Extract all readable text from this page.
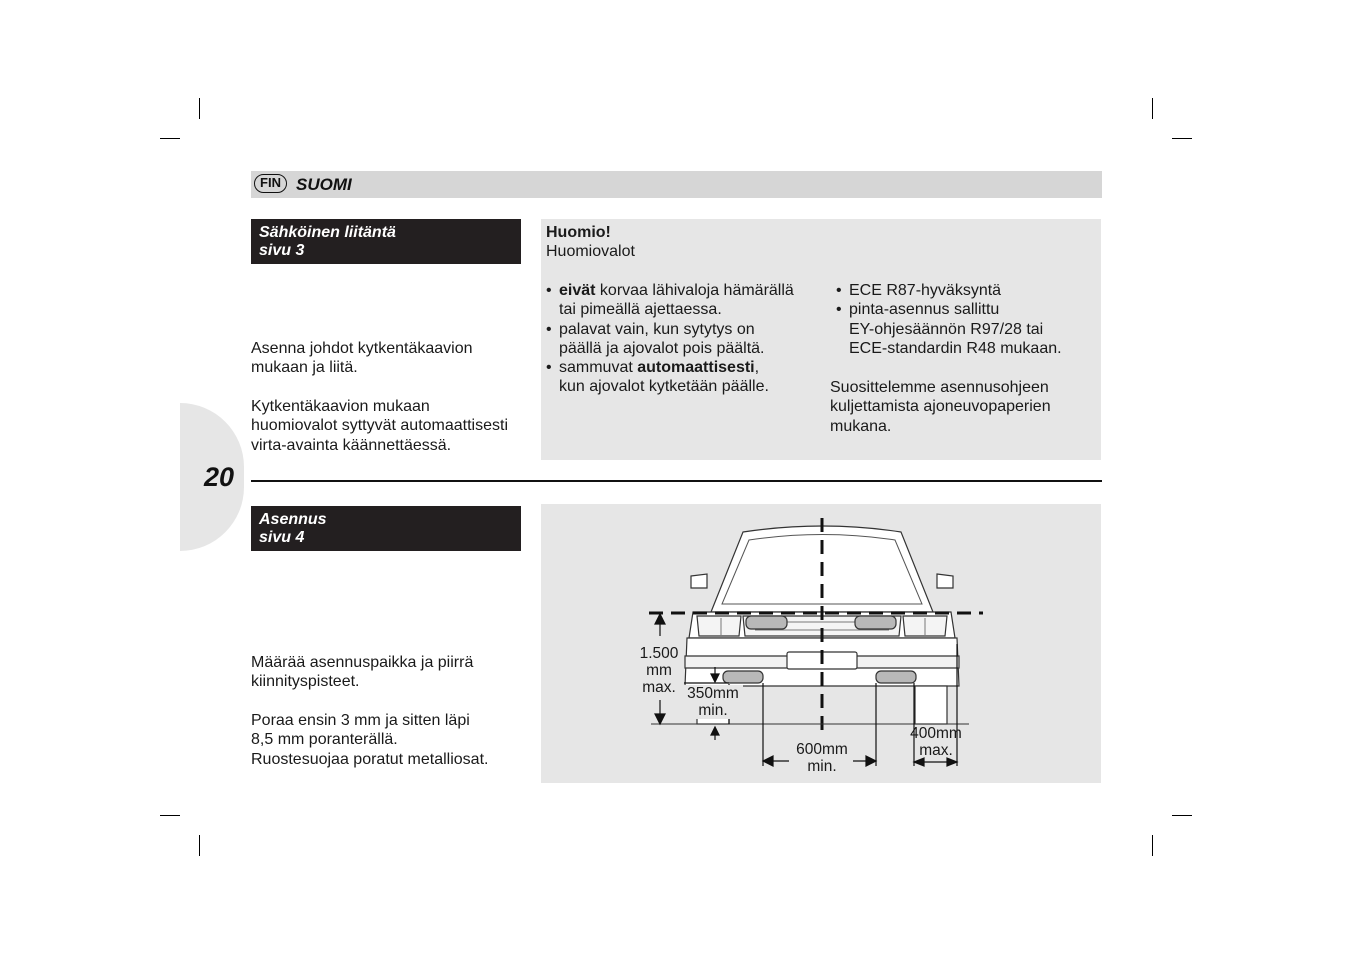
FIN SUOMI
20
Sähköinen liitäntä
sivu 3
Asenna johdot kytkentäkaavion
mukaan ja liitä.
Kytkentäkaavion mukaan
huomiovalot syttyvät automaattisesti
virta-avainta käännettäessä.
Huomio!
Huomiovalot
• eivät korvaa lähivaloja hämärällä
tai pimeällä ajettaessa.
• palavat vain, kun sytytys on
päällä ja ajovalot pois päältä.
• sammuvat automaattisesti,
kun ajovalot kytketään päälle.
• ECE R87-hyväksyntä
• pinta-asennus sallittu
EY-ohjesäännön R97/28 tai
ECE-standardin R48 mukaan.
Suosittelemme asennusohjeen
kuljettamista ajoneuvopaperien
mukana.
Asennus
sivu 4
Määrää asennuspaikka ja piirrä
kiinnityspisteet.
Poraa ensin 3 mm ja sitten läpi
8,5 mm poranterällä.
Ruostesuojaa poratut metalliosat.
1.500
mm
max. 350mm
min.
600mm
min.
400mm
max.
